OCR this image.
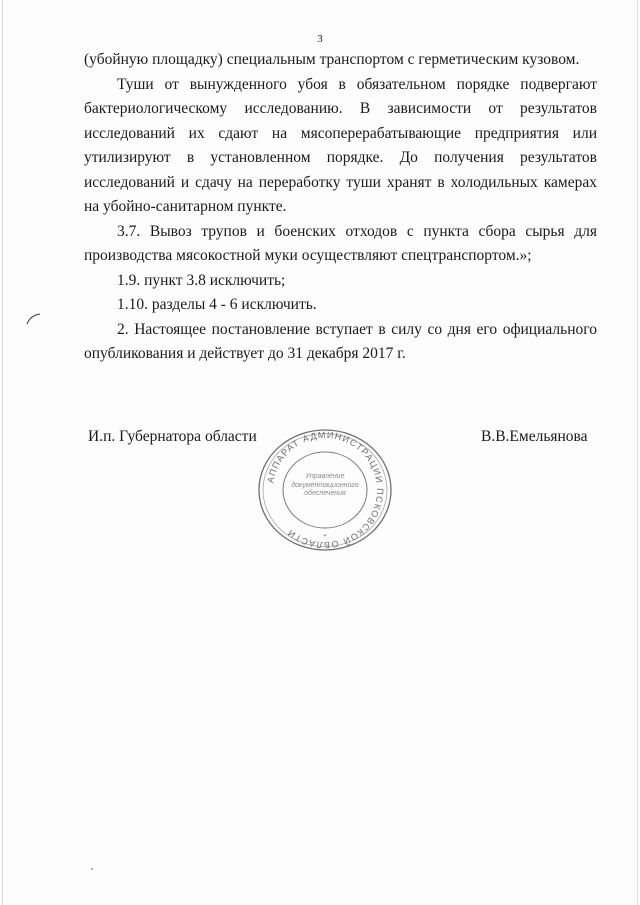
3

(убойную площадку) специальным транспортом с герметическим кузовом.

Туши от вынужденного убоя в обязательном порядке подвергают бактериологическому исследованию. В зависимости от результатов исследований их сдают на мясоперерабатывающие предприятия или утилизируют в установленном порядке. До получения результатов исследований и сдачу на переработку туши хранят в холодильных камерах на убойно-санитарном пункте.

3.7. Вывоз трупов и боенских отходов с пункта сбора сырья для производства мясокостной муки осуществляют спецтранспортом.»;

1.9. пункт 3.8 исключить;

1.10. разделы 4 - 6 исключить.

2. Настоящее постановление вступает в силу со дня его официального опубликования и действует до 31 декабря 2017 г.

И.п. Губернатора области	В.В.Емельянова
АППАРАТ АДМИНИСТРАЦИИ ПСКОВСКОЙ ОБЛАСТИ	*
Управление
документационного
обеспечения
